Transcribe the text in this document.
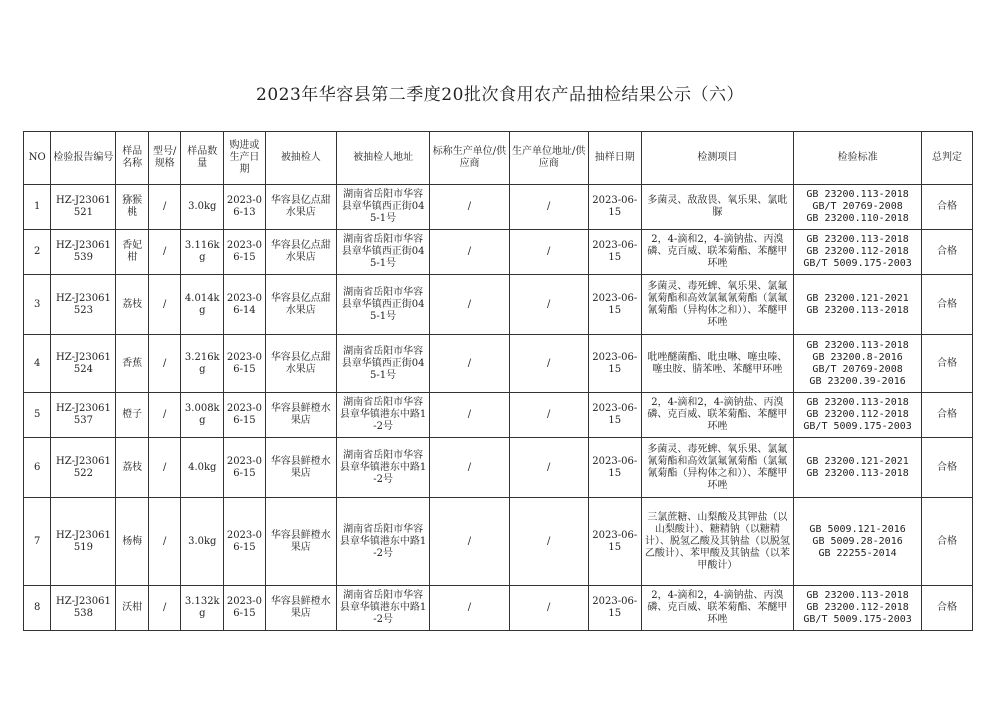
2023年华容县第二季度20批次食用农产品抽检结果公示（六）
NO	检验报告编号	样品名称	型号/规格	样品数量	购进或生产日期	被抽检人	被抽检人地址	标称生产单位/供应商	生产单位地址/供应商	抽样日期	检测项目	检验标准	总判定
1	HZ-J23061521	猕猴桃	/	3.0kg	2023-06-13	华容县亿点甜水果店	湖南省岳阳市华容县章华镇西正街045-1号	/	/	2023-06-15	多菌灵、敌敌畏、氧乐果、氯吡脲	GB 23200.113-2018
GB/T 20769-2008
GB 23200.110-2018	合格
2	HZ-J23061539	香妃柑	/	3.116kg	2023-06-15	华容县亿点甜水果店	湖南省岳阳市华容县章华镇西正街045-1号	/	/	2023-06-15	2，4-滴和2，4-滴钠盐、丙溴磷、克百威、联苯菊酯、苯醚甲环唑	GB 23200.113-2018
GB 23200.112-2018
GB/T 5009.175-2003	合格
3	HZ-J23061523	荔枝	/	4.014kg	2023-06-14	华容县亿点甜水果店	湖南省岳阳市华容县章华镇西正街045-1号	/	/	2023-06-15	多菌灵、毒死蜱、氧乐果、氯氟氰菊酯和高效氯氟氰菊酯（氯氟氰菊酯（异构体之和））、苯醚甲环唑	GB 23200.121-2021
GB 23200.113-2018	合格
4	HZ-J23061524	香蕉	/	3.216kg	2023-06-15	华容县亿点甜水果店	湖南省岳阳市华容县章华镇西正街045-1号	/	/	2023-06-15	吡唑醚菌酯、吡虫啉、噻虫嗪、噻虫胺、腈苯唑、苯醚甲环唑	GB 23200.113-2018
GB 23200.8-2016
GB/T 20769-2008
GB 23200.39-2016	合格
5	HZ-J23061537	橙子	/	3.008kg	2023-06-15	华容县鲜橙水果店	湖南省岳阳市华容县章华镇港东中路1-2号	/	/	2023-06-15	2，4-滴和2，4-滴钠盐、丙溴磷、克百威、联苯菊酯、苯醚甲环唑	GB 23200.113-2018
GB 23200.112-2018
GB/T 5009.175-2003	合格
6	HZ-J23061522	荔枝	/	4.0kg	2023-06-15	华容县鲜橙水果店	湖南省岳阳市华容县章华镇港东中路1-2号	/	/	2023-06-15	多菌灵、毒死蜱、氧乐果、氯氟氰菊酯和高效氯氟氰菊酯（氯氟氰菊酯（异构体之和））、苯醚甲环唑	GB 23200.121-2021
GB 23200.113-2018	合格
7	HZ-J23061519	杨梅	/	3.0kg	2023-06-15	华容县鲜橙水果店	湖南省岳阳市华容县章华镇港东中路1-2号	/	/	2023-06-15	三氯蔗糖、山梨酸及其钾盐（以山梨酸计）、糖精钠（以糖精计）、脱氢乙酸及其钠盐（以脱氢乙酸计）、苯甲酸及其钠盐（以苯甲酸计）	GB 5009.121-2016
GB 5009.28-2016
GB 22255-2014	合格
8	HZ-J23061538	沃柑	/	3.132kg	2023-06-15	华容县鲜橙水果店	湖南省岳阳市华容县章华镇港东中路1-2号	/	/	2023-06-15	2，4-滴和2，4-滴钠盐、丙溴磷、克百威、联苯菊酯、苯醚甲环唑	GB 23200.113-2018
GB 23200.112-2018
GB/T 5009.175-2003	合格
